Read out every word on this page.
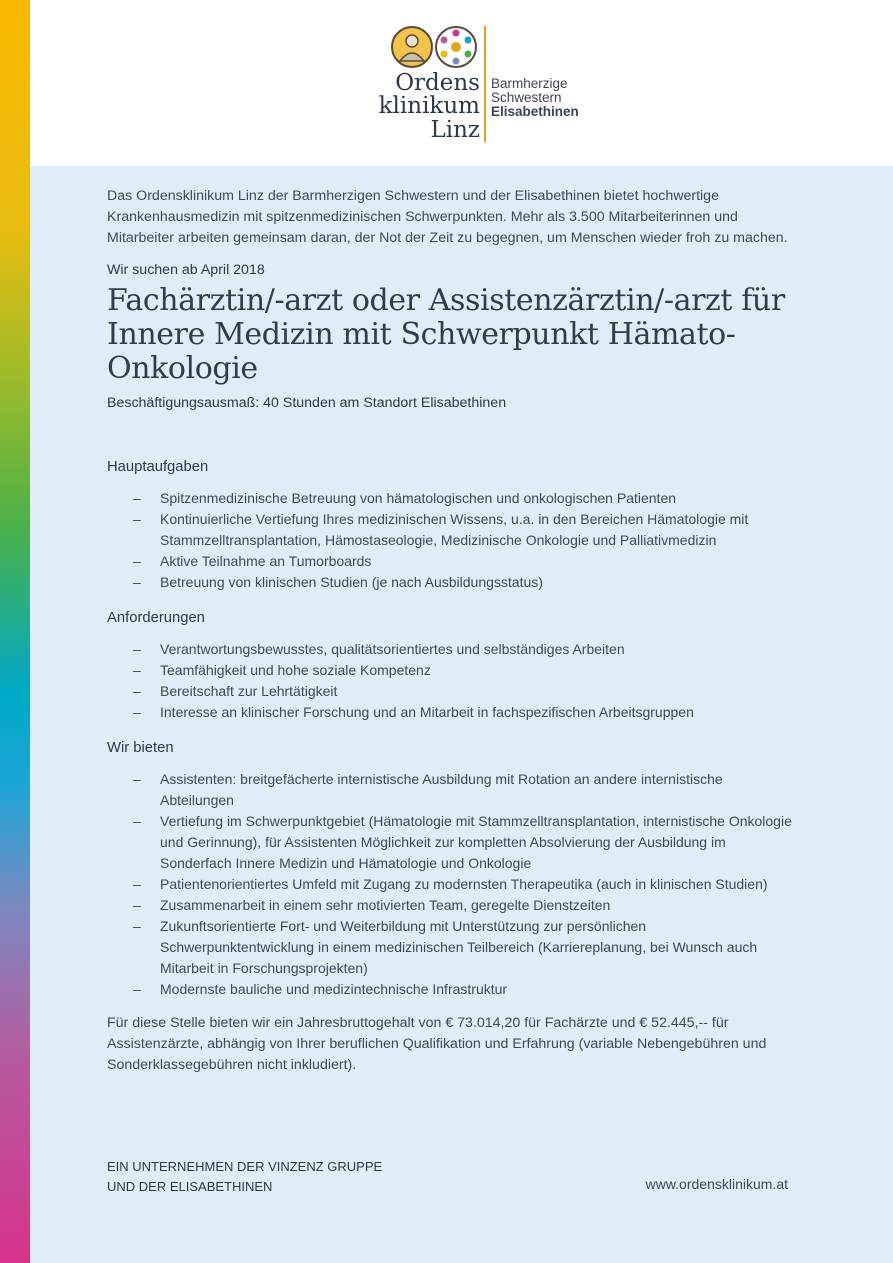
Ordens
klinikum
Linz
Barmherzige
Schwestern
Elisabethinen

Das Ordensklinikum Linz der Barmherzigen Schwestern und der Elisabethinen bietet hochwertige Krankenhausmedizin mit spitzenmedizinischen Schwerpunkten. Mehr als 3.500 Mitarbeiterinnen und Mitarbeiter arbeiten gemeinsam daran, der Not der Zeit zu begegnen, um Menschen wieder froh zu machen.

Wir suchen ab April 2018

Fachärztin/-arzt oder Assistenzärztin/-arzt für Innere Medizin mit Schwerpunkt Hämato-Onkologie

Beschäftigungsausmaß: 40 Stunden am Standort Elisabethinen

Hauptaufgaben
– Spitzenmedizinische Betreuung von hämatologischen und onkologischen Patienten
– Kontinuierliche Vertiefung Ihres medizinischen Wissens, u.a. in den Bereichen Hämatologie mit Stammzelltransplantation, Hämostaseologie, Medizinische Onkologie und Palliativmedizin
– Aktive Teilnahme an Tumorboards
– Betreuung von klinischen Studien (je nach Ausbildungsstatus)
Anforderungen
– Verantwortungsbewusstes, qualitätsorientiertes und selbständiges Arbeiten
– Teamfähigkeit und hohe soziale Kompetenz
– Bereitschaft zur Lehrtätigkeit
– Interesse an klinischer Forschung und an Mitarbeit in fachspezifischen Arbeitsgruppen
Wir bieten
– Assistenten: breitgefächerte internistische Ausbildung mit Rotation an andere internistische Abteilungen
– Vertiefung im Schwerpunktgebiet (Hämatologie mit Stammzelltransplantation, internistische Onkologie und Gerinnung), für Assistenten Möglichkeit zur kompletten Absolvierung der Ausbildung im Sonderfach Innere Medizin und Hämatologie und Onkologie
– Patientenorientiertes Umfeld mit Zugang zu modernsten Therapeutika (auch in klinischen Studien)
– Zusammenarbeit in einem sehr motivierten Team, geregelte Dienstzeiten
– Zukunftsorientierte Fort- und Weiterbildung mit Unterstützung zur persönlichen Schwerpunktentwicklung in einem medizinischen Teilbereich (Karriereplanung, bei Wunsch auch Mitarbeit in Forschungsprojekten)
– Modernste bauliche und medizintechnische Infrastruktur

Für diese Stelle bieten wir ein Jahresbruttogehalt von € 73.014,20 für Fachärzte und € 52.445,-- für Assistenzärzte, abhängig von Ihrer beruflichen Qualifikation und Erfahrung (variable Nebengebühren und Sonderklassegebühren nicht inkludiert).

EIN UNTERNEHMEN DER VINZENZ GRUPPE
UND DER ELISABETHINEN	www.ordensklinikum.at
